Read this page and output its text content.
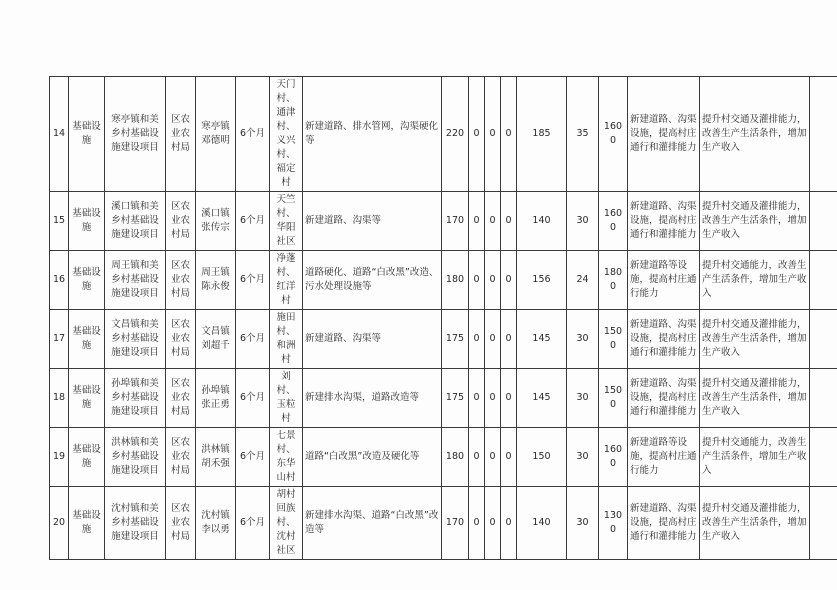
14	基础设施	寒亭镇和美乡村基础设施建设项目	区农业农村局	寒亭镇邓德明	6个月	天门村、通津村、义兴村、福定村	新建道路、排水管网，沟渠硬化等	220	0	0	0	185	35	1600	新建道路、沟渠设施，提高村庄通行和灌排能力	提升村交通及灌排能力，改善生产生活条件，增加生产收入	
15	基础设施	溪口镇和美乡村基础设施建设项目	区农业农村局	溪口镇张传宗	6个月	天竺村、华阳社区	新建道路、沟渠等	170	0	0	0	140	30	1600	新建道路、沟渠设施，提高村庄通行和灌排能力	提升村交通及灌排能力，改善生产生活条件，增加生产收入	
16	基础设施	周王镇和美乡村基础设施建设项目	区农业农村局	周王镇陈永俊	6个月	净蓬村、红洋村	道路硬化、道路“白改黑”改造、污水处理设施等	180	0	0	0	156	24	1800	新建道路等设施，提高村庄通行能力	提升村交通能力，改善生产生活条件，增加生产收入	
17	基础设施	文昌镇和美乡村基础设施建设项目	区农业农村局	文昌镇刘超千	6个月	施田村、和洲村	新建道路、沟渠等	175	0	0	0	145	30	1500	新建道路、沟渠设施，提高村庄通行和灌排能力	提升村交通及灌排能力，改善生产生活条件，增加生产收入	
18	基础设施	孙埠镇和美乡村基础设施建设项目	区农业农村局	孙埠镇张正勇	6个月	刘村、玉粒村	新建排水沟渠，道路改造等	175	0	0	0	145	30	1500	新建道路、沟渠设施，提高村庄通行和灌排能力	提升村交通及灌排能力，改善生产生活条件，增加生产收入	
19	基础设施	洪林镇和美乡村基础设施建设项目	区农业农村局	洪林镇胡禾强	6个月	七景村、东华山村	道路“白改黑”改造及硬化等	180	0	0	0	150	30	1600	新建道路等设施，提高村庄通行能力	提升村交通能力，改善生产生活条件，增加生产收入	
20	基础设施	沈村镇和美乡村基础设施建设项目	区农业农村局	沈村镇李以勇	6个月	胡村回族村、沈村社区	新建排水沟渠、道路“白改黑”改造等	170	0	0	0	140	30	1300	新建道路、沟渠设施，提高村庄通行和灌排能力	提升村交通及灌排能力，改善生产生活条件，增加生产收入	
